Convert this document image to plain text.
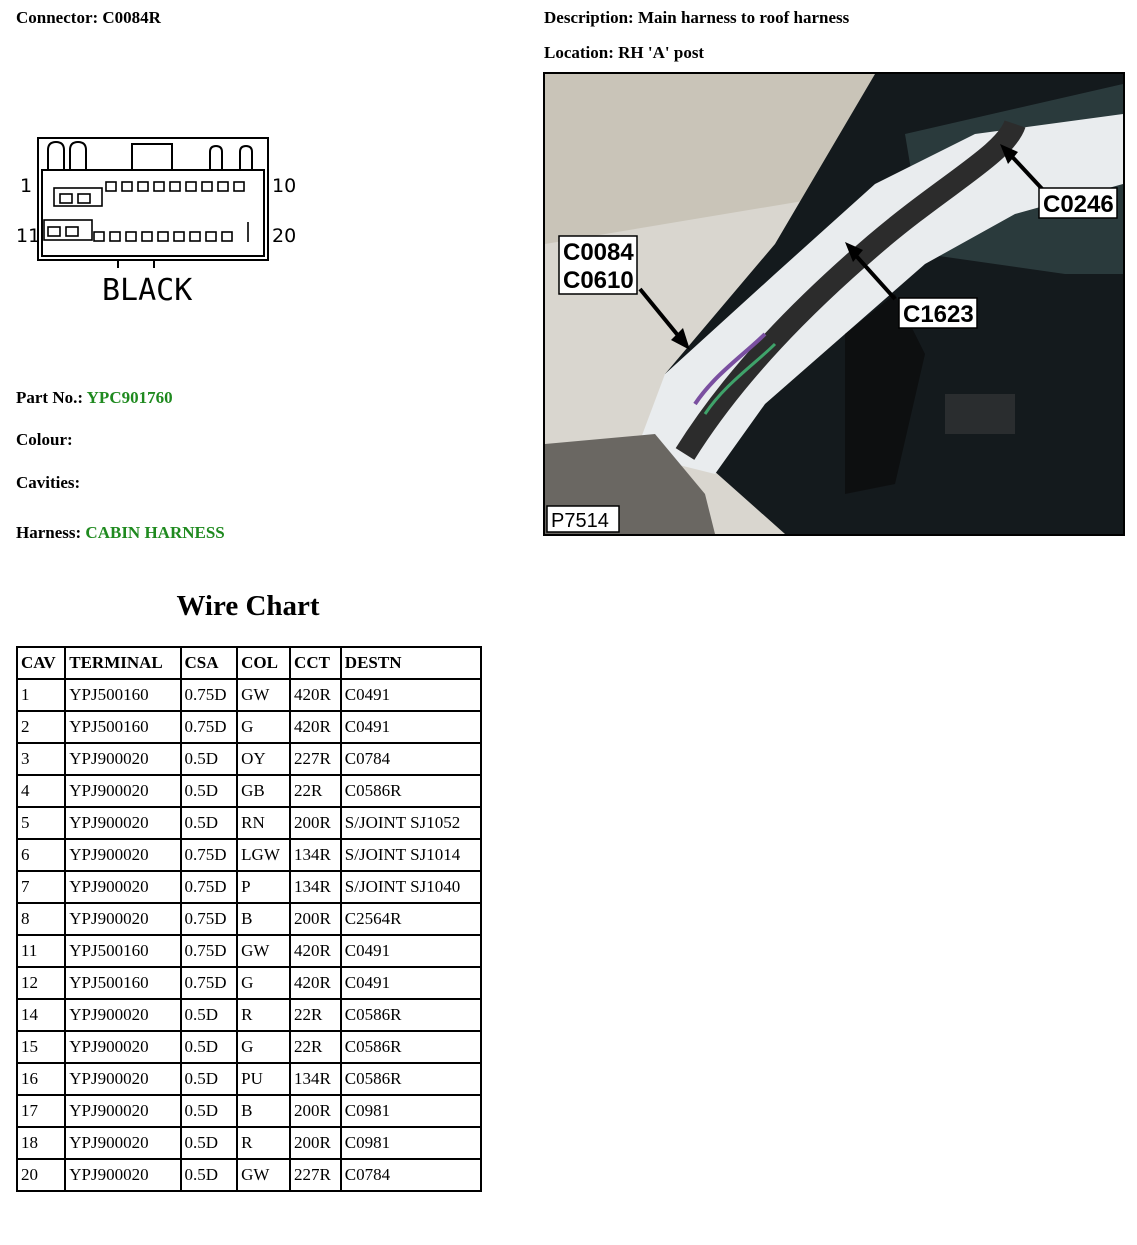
Connector: C0084R	Description: Main harness to roof harness
Location: RH 'A' post
1	10
11	20
BLACK
Part No.: YPC901760
Colour:
Cavities:
Harness: CABIN HARNESS
C0246
C0084
C0610
C1623
P7514
Wire Chart
CAV	TERMINAL	CSA	COL	CCT	DESTN
1	YPJ500160	0.75D	GW	420R	C0491
2	YPJ500160	0.75D	G	420R	C0491
3	YPJ900020	0.5D	OY	227R	C0784
4	YPJ900020	0.5D	GB	22R	C0586R
5	YPJ900020	0.5D	RN	200R	S/JOINT SJ1052
6	YPJ900020	0.75D	LGW	134R	S/JOINT SJ1014
7	YPJ900020	0.75D	P	134R	S/JOINT SJ1040
8	YPJ900020	0.75D	B	200R	C2564R
11	YPJ500160	0.75D	GW	420R	C0491
12	YPJ500160	0.75D	G	420R	C0491
14	YPJ900020	0.5D	R	22R	C0586R
15	YPJ900020	0.5D	G	22R	C0586R
16	YPJ900020	0.5D	PU	134R	C0586R
17	YPJ900020	0.5D	B	200R	C0981
18	YPJ900020	0.5D	R	200R	C0981
20	YPJ900020	0.5D	GW	227R	C0784
